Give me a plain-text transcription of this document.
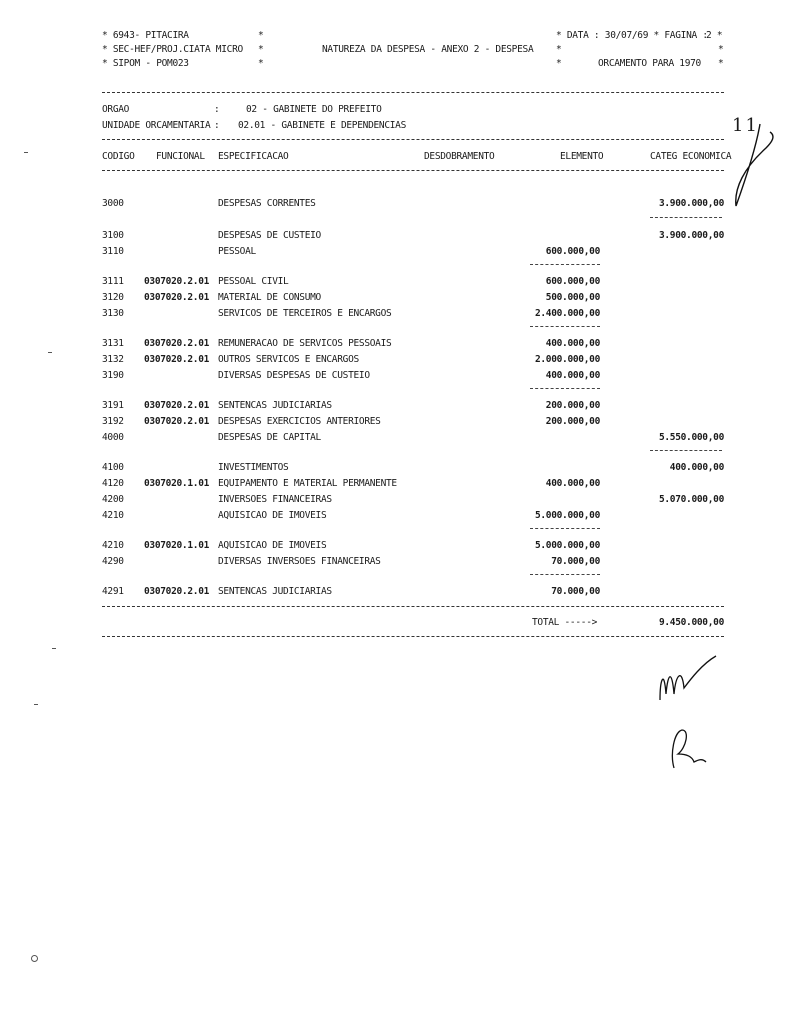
* 6943- PITACIRA
* SEC-HEF/PROJ.CIATA MICRO
* SIPOM - POM023
*
*
*
NATUREZA DA DESPESA - ANEXO 2 - DESPESA
* DATA : 30/07/69 * FAGINA :
2 *
*	*
*	ORCAMENTO PARA 1970 *
ORGAO	:	02 - GABINETE DO PREFEITO
UNIDADE ORCAMENTARIA : 02.01 - GABINETE E DEPENDENCIAS
CODIGO FUNCIONAL ESPECIFICACAO	DESDOBRAMENTO	ELEMENTO	CATEG ECONOMICA
3000	DESPESAS CORRENTES	3.900.000,00
3100	DESPESAS DE CUSTEIO	3.900.000,00
3110	PESSOAL	600.000,00
3111 0307020.2.01 PESSOAL CIVIL	600.000,00
3120 0307020.2.01 MATERIAL DE CONSUMO	500.000,00
3130	SERVICOS DE TERCEIROS E ENCARGOS	2.400.000,00
3131 0307020.2.01 REMUNERACAO DE SERVICOS PESSOAIS	400.000,00
3132 0307020.2.01 OUTROS SERVICOS E ENCARGOS	2.000.000,00
3190	DIVERSAS DESPESAS DE CUSTEIO	400.000,00
3191 0307020.2.01 SENTENCAS JUDICIARIAS	200.000,00
3192 0307020.2.01 DESPESAS EXERCICIOS ANTERIORES	200.000,00
4000	DESPESAS DE CAPITAL	5.550.000,00
4100	INVESTIMENTOS	400.000,00
4120 0307020.1.01 EQUIPAMENTO E MATERIAL PERMANENTE	400.000,00
4200	INVERSOES FINANCEIRAS	5.070.000,00
4210	AQUISICAO DE IMOVEIS	5.000.000,00
4210 0307020.1.01 AQUISICAO DE IMOVEIS	5.000.000,00
4290	DIVERSAS INVERSOES FINANCEIRAS	70.000,00
4291 0307020.2.01 SENTENCAS JUDICIARIAS	70.000,00
TOTAL ----->	9.450.000,00
11
